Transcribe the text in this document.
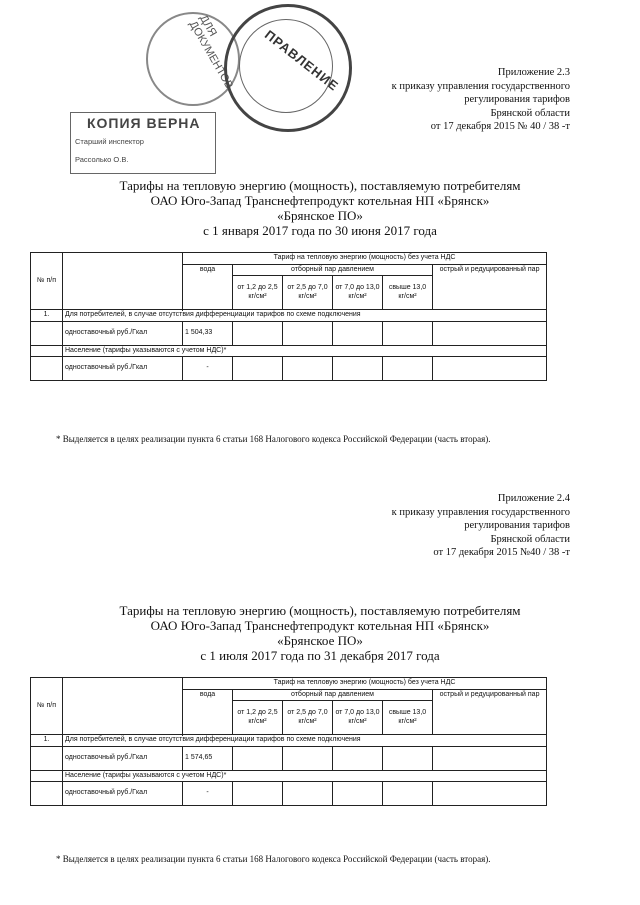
ДЛЯ ДОКУМЕНТОВ	ПРАВЛЕНИЕ
КОПИЯ ВЕРНА
Старший инспектор
Рассолько О.В.
Приложение 2.3
к приказу управления государственного
регулирования тарифов
Брянской области
от 17 декабря 2015 № 40 / 38 -т
Тарифы на тепловую энергию (мощность), поставляемую потребителям
ОАО Юго-Запад Транснефтепродукт котельная НП «Брянск»
«Брянское ПО»
с 1 января 2017 года по 30 июня 2017 года
№ п/п		Тариф на тепловую энергию (мощность) без учета НДС					
		вода	отборный пар давлением				острый и редуцированный пар
			от 1,2 до 2,5 кг/см²	от 2,5 до 7,0 кг/см²	от 7,0 до 13,0 кг/см²	свыше 13,0 кг/см²	

1.	Для потребителей, в случае отсутствия дифференциации тарифов по схеме подключения						
	одноставочный руб./Гкал	1 504,33					
	Население (тарифы указываются с учетом НДС)*						
	одноставочный руб./Гкал	-					
* Выделяется в целях реализации пункта 6 статьи 168 Налогового кодекса Российской Федерации (часть вторая).
Приложение 2.4
к приказу управления государственного
регулирования тарифов
Брянской области
от 17 декабря 2015 №40 / 38 -т
Тарифы на тепловую энергию (мощность), поставляемую потребителям
ОАО Юго-Запад Транснефтепродукт котельная НП «Брянск»
«Брянское ПО»
с 1 июля 2017 года по 31 декабря 2017 года
№ п/п		Тариф на тепловую энергию (мощность) без учета НДС					
		вода	отборный пар давлением				острый и редуцированный пар
			от 1,2 до 2,5 кг/см²	от 2,5 до 7,0 кг/см²	от 7,0 до 13,0 кг/см²	свыше 13,0 кг/см²	

1.	Для потребителей, в случае отсутствия дифференциации тарифов по схеме подключения						
	одноставочный руб./Гкал	1 574,65					
	Население (тарифы указываются с учетом НДС)*						
	одноставочный руб./Гкал	-					
* Выделяется в целях реализации пункта 6 статьи 168 Налогового кодекса Российской Федерации (часть вторая).
